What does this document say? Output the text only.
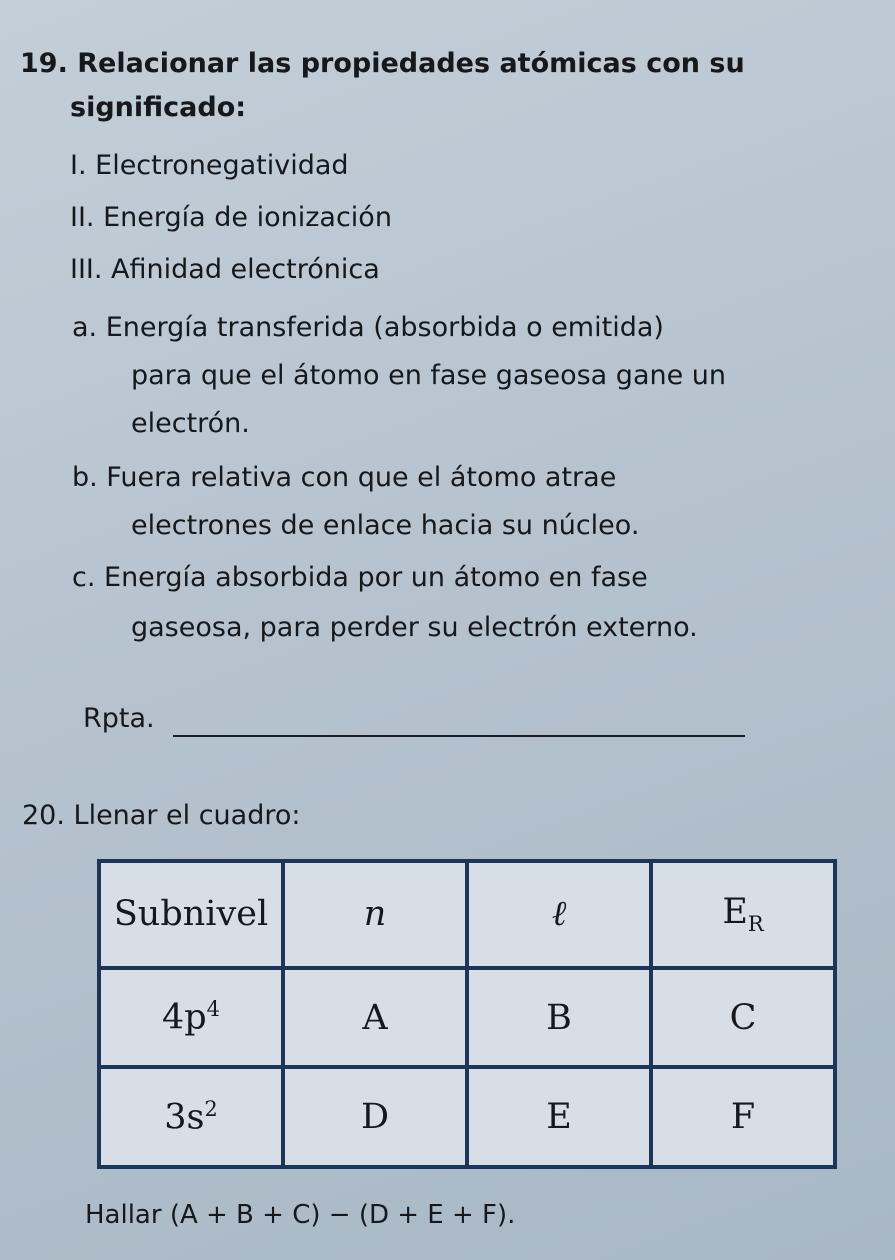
19. Relacionar las propiedades atómicas con su
significado:
I. Electronegatividad
II. Energía de ionización
III. Afinidad electrónica
a. Energía transferida (absorbida o emitida)
para que el átomo en fase gaseosa gane un
electrón.
b. Fuera relativa con que el átomo atrae
electrones de enlace hacia su núcleo.
c. Energía absorbida por un átomo en fase
gaseosa, para perder su electrón externo.
Rpta.
20. Llenar el cuadro:
Subnivel	n	ℓ	$E_R$
$4p^4$	A	B	C
$3s^2$	D	E	F
Hallar (A + B + C) − (D + E + F).
